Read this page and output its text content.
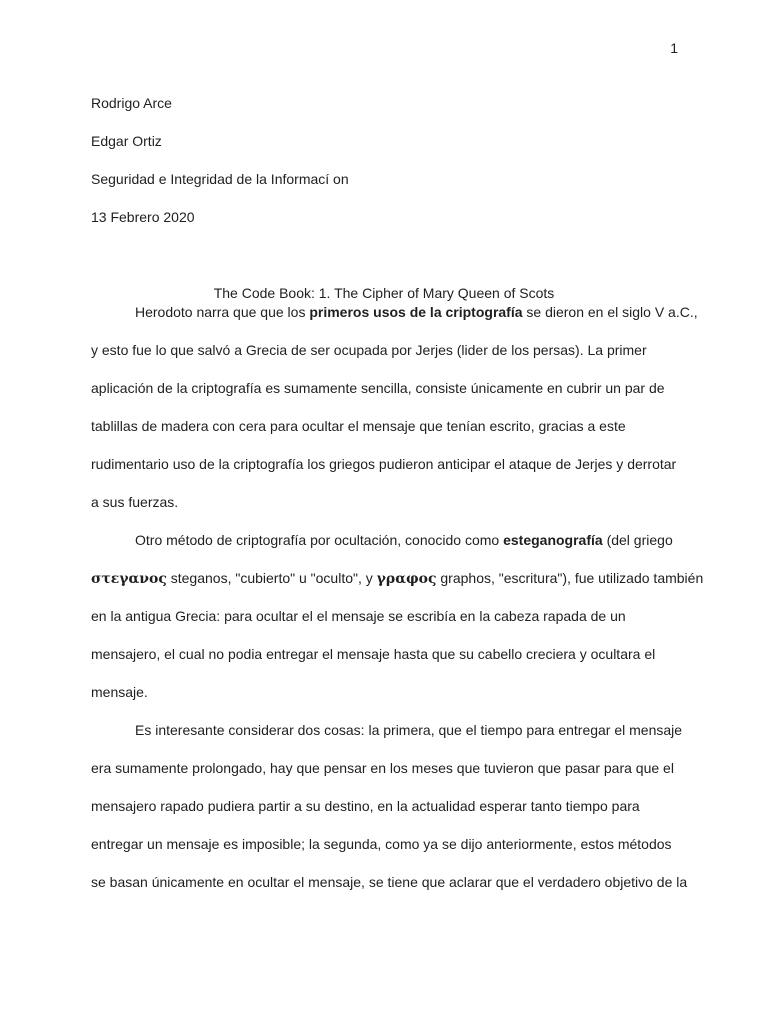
1
Rodrigo Arce
Edgar Ortiz
Seguridad e Integridad de la Informací on
13 Febrero 2020
The Code Book: 1. The Cipher of Mary Queen of Scots
Herodoto narra que que los primeros usos de la criptografía se dieron en el siglo V a.C.,
y esto fue lo que salvó a Grecia de ser ocupada por Jerjes (lider de los persas). La primer
aplicación de la criptografía es sumamente sencilla, consiste únicamente en cubrir un par de
tablillas de madera con cera para ocultar el mensaje que tenían escrito, gracias a este
rudimentario uso de la criptografía los griegos pudieron anticipar el ataque de Jerjes y derrotar
a sus fuerzas.
Otro método de criptografía por ocultación, conocido como esteganografía (del griego
στεγανος steganos, "cubierto" u "oculto", y γραφος graphos, "escritura"), fue utilizado también
en la antigua Grecia: para ocultar el el mensaje se escribía en la cabeza rapada de un
mensajero, el cual no podia entregar el mensaje hasta que su cabello creciera y ocultara el
mensaje.
Es interesante considerar dos cosas: la primera, que el tiempo para entregar el mensaje
era sumamente prolongado, hay que pensar en los meses que tuvieron que pasar para que el
mensajero rapado pudiera partir a su destino, en la actualidad esperar tanto tiempo para
entregar un mensaje es imposible; la segunda, como ya se dijo anteriormente, estos métodos
se basan únicamente en ocultar el mensaje, se tiene que aclarar que el verdadero objetivo de la
